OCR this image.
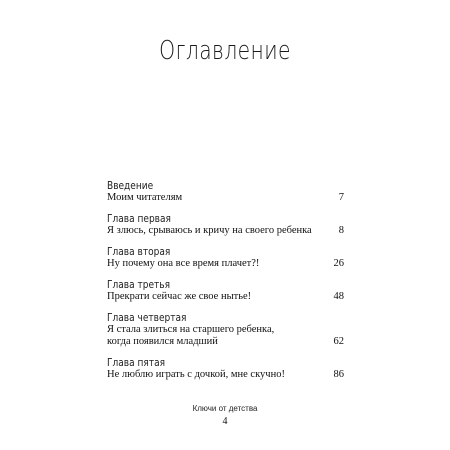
Оглавление
Введение
Моим читателям	7
Глава первая
Я злюсь, срываюсь и кричу на своего ребенка	8
Глава вторая
Ну почему она все время плачет?!	26
Глава третья
Прекрати сейчас же свое нытье!	48
Глава четвертая
Я стала злиться на старшего ребенка,
когда появился младший	62
Глава пятая
Не люблю играть с дочкой, мне скучно!	86
Ключи от детства
4
